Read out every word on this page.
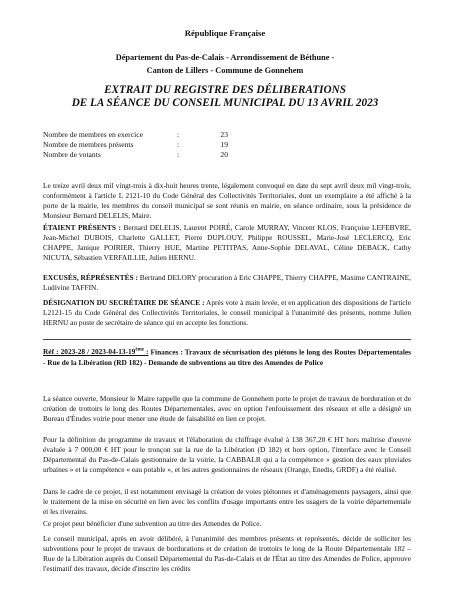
République Française
Département du Pas-de-Calais - Arrondissement de Béthune -
Canton de Lillers - Commune de Gonnehem
EXTRAIT DU REGISTRE DES DÉLIBERATIONS
DE LA SÉANCE DU CONSEIL MUNICIPAL DU 13 AVRIL 2023
Nombre de membres en exercice	:	23
Nombre de membres présents	:	19
Nombre de votants	:	20
Le treize avril deux mil vingt-trois à dix-huit heures trente, légalement convoqué en date du sept avril deux mil vingt-trois, conformément à l'article L 2121-10 du Code Général des Collectivités Territoriales, dont un exemplaire a été affiché à la porte de la mairie, les membres du conseil municipal se sont réunis en mairie, en séance ordinaire, sous la présidence de Monsieur Bernard DELELIS, Maire.
ÉTAIENT PRÉSENTS : Bernard DELELIS, Laurent POIRÉ, Carole MURRAY, Vincent KLOS, Françoise LEFEBVRE, Jean-Michel DUBOIS, Charlette GALLET, Pierre DUPLOUY, Philippe ROUSSEL, Marie-José LECLERCQ, Eric CHAPPE, Janique POIRIER, Thierry HUE, Martine PETITPAS, Anne-Sophie DELAVAL, Céline DEBACK, Cathy NICUTA, Sébastien VERFAILLIE, Julien HERNU.
EXCUSÉS, RÉPRÉSENTÉS : Bertrand DELORY procuration à Eric CHAPPE, Thierry CHAPPE, Maxime CANTRAINE, Ludivine TAFFIN.
DÉSIGNATION DU SECRÉTAIRE DE SÉANCE : Après vote à main levée, et en application des dispositions de l'article L2121-15 du Code Général des Collectivités Territoriales, le conseil municipal à l'unanimité des présents, nomme Julien HERNU au poste de secrétaire de séance qui en accepte les fonctions.
Réf : 2023-28 / 2023-04-13-19ème : Finances : Travaux de sécurisation des piétons le long des Routes Départementales - Rue de la Libération (RD 182) - Demande de subventions au titre des Amendes de Police
La séance ouverte, Monsieur le Maire rappelle que la commune de Gonnehem porte le projet de travaux de borduration et de création de trottoirs le long des Routes Départementales, avec en option l'enfouissement des réseaux et elle a désigné un Bureau d'Études voirie pour mener une étude de faisabilité en lien ce projet.
Pour la définition du programme de travaux et l'élaboration du chiffrage évalué à 138 367,20 € HT hors maîtrise d'œuvre évaluée à 7 000,00 € HT pour le tronçon sur la rue de la Libération (D 182) et hors option, l'interface avec le Conseil Départemental du Pas-de-Calais gestionnaire de la voirie, la CABBALR qui a la compétence « gestion des eaux pluviales urbaines » et la compétence « eau potable », et les autres gestionnaires de réseaux (Orange, Enedis, GRDF) a été réalisé.
Dans le cadre de ce projet, il est notamment envisagé la création de voies piétonnes et d'aménagements paysagers, ainsi que le traitement de la mise en sécurité en lien avec les conflits d'usage importants entre les usagers de la voirie départementale et les riverains.
Ce projet peut bénéficier d'une subvention au titre des Amendes de Police.
Le conseil municipal, après en avoir délibéré, à l'unanimité des membres présents et représentés, décide de solliciter les subventions pour le projet de travaux de bordurations et de création de trottoirs le long de la Route Départementale 182 – Rue de la Libération auprès du Conseil Départemental du Pas-de-Calais et de l'État au titre des Amendes de Police, approuve l'estimatif des travaux, décide d'inscrire les crédits
